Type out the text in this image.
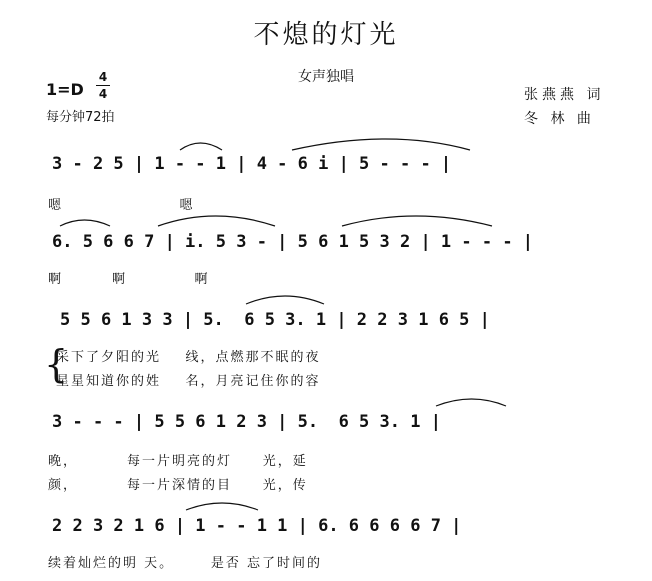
不熄的灯光
女声独唱
1=D
4
4
每分钟72拍
张燕燕 词
冬 林 曲
3 - 2 5 | 1 - - 1 | 4 - 6 i | 5 - - - |
嗯                   嗯
6. 5 6 6 7 | i. 5 3 - | 5 6 1 5 3 2 | 1 - - - |
啊        啊           啊
5 5 6 1 3 3 | 5.  6 5 3. 1 | 2 2 3 1 6 5 |
采下了夕阳的光    线，点燃那不眠的夜
星星知道你的姓    名，月亮记住你的容
3 - - - | 5 5 6 1 2 3 | 5.  6 5 3. 1 |
晚，        每一片明亮的灯     光，延
颜，        每一片深情的目     光，传
2 2 3 2 1 6 | 1 - - 1 1 | 6. 6 6 6 6 7 |
续着灿烂的明 天。      是否 忘了时间的
{
